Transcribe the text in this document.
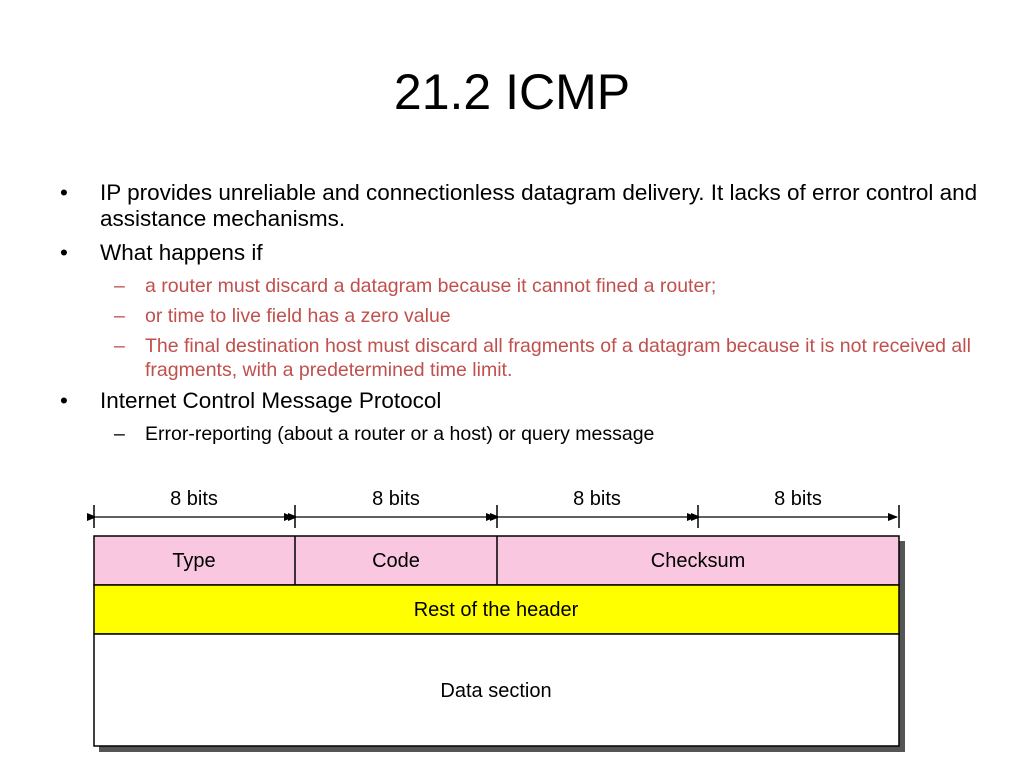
21.2 ICMP
• IP provides unreliable and connectionless datagram delivery. It lacks of error control and assistance mechanisms.
• What happens if
– a router must discard a datagram because it cannot fined a router;
– or time to live field has a zero value
– The final destination host must discard all fragments of a datagram because it is not received all fragments, with a predetermined time limit.
• Internet Control Message Protocol
– Error-reporting (about a router or a host) or query message
8 bits	8 bits	8 bits	8 bits
Type	Code	Checksum
Rest of the header
Data section
